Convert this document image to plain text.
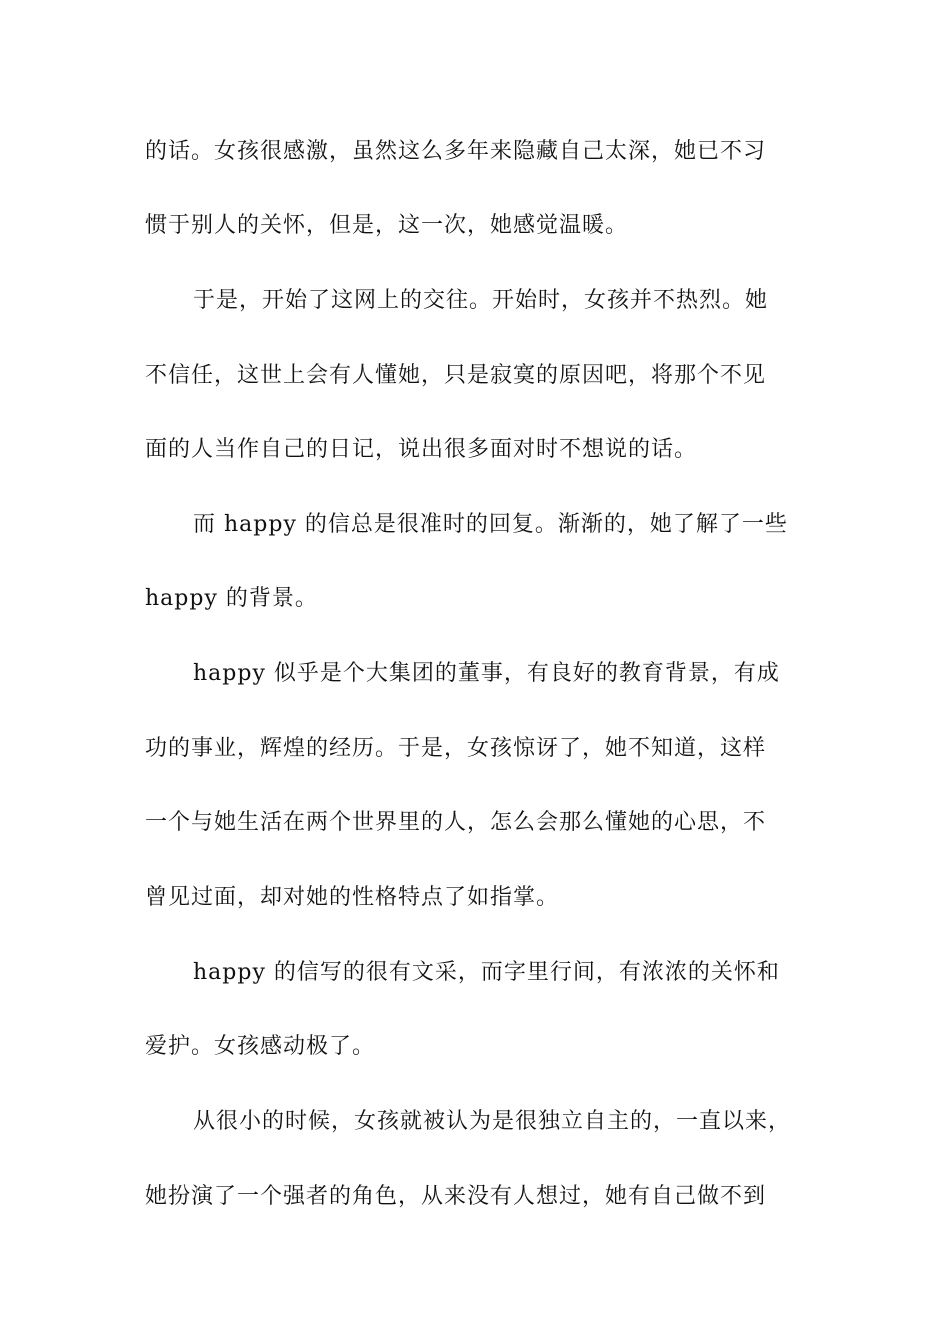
的话。女孩很感激，虽然这么多年来隐藏自己太深，她已不习
惯于别人的关怀，但是，这一次，她感觉温暖。
于是，开始了这网上的交往。开始时，女孩并不热烈。她
不信任，这世上会有人懂她，只是寂寞的原因吧，将那个不见
面的人当作自己的日记，说出很多面对时不想说的话。
而 happy 的信总是很准时的回复。渐渐的，她了解了一些
happy 的背景。
happy 似乎是个大集团的董事，有良好的教育背景，有成
功的事业，辉煌的经历。于是，女孩惊讶了，她不知道，这样
一个与她生活在两个世界里的人，怎么会那么懂她的心思，不
曾见过面，却对她的性格特点了如指掌。
happy 的信写的很有文采，而字里行间，有浓浓的关怀和
爱护。女孩感动极了。
从很小的时候，女孩就被认为是很独立自主的，一直以来，
她扮演了一个强者的角色，从来没有人想过，她有自己做不到
